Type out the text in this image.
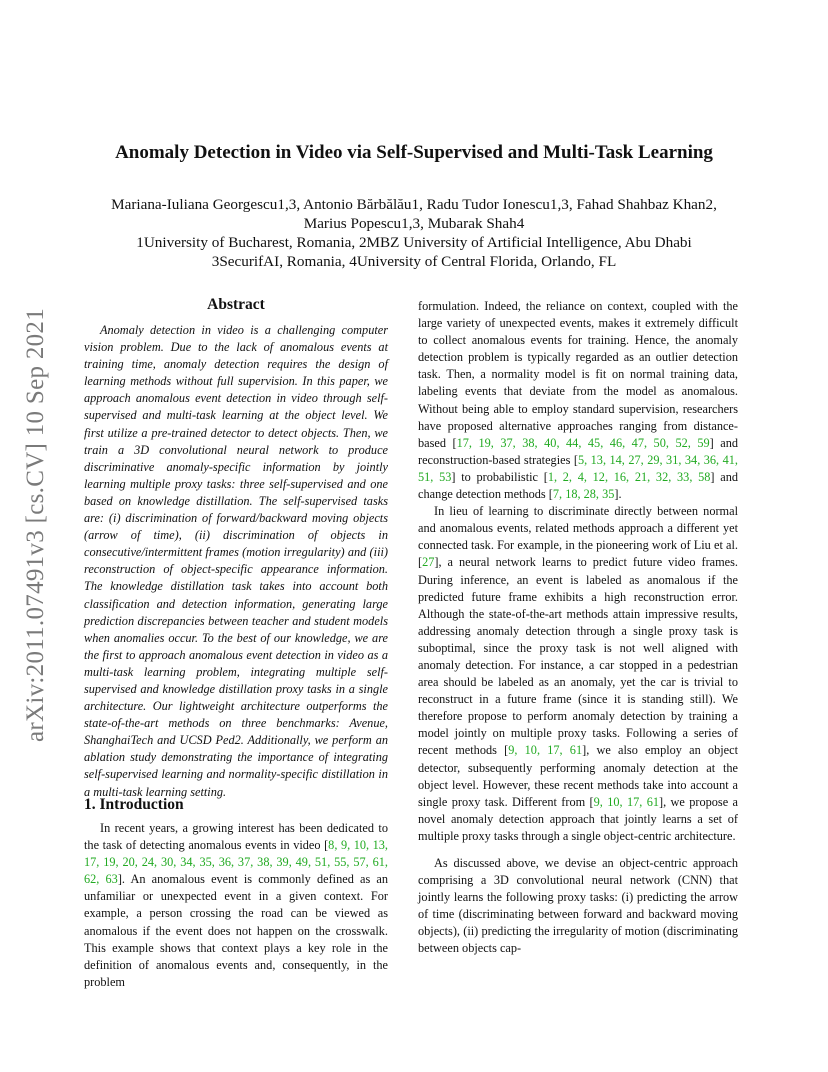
arXiv:2011.07491v3 [cs.CV] 10 Sep 2021
Anomaly Detection in Video via Self-Supervised and Multi-Task Learning
Mariana-Iuliana Georgescu1,3, Antonio Bărbălău1, Radu Tudor Ionescu1,3, Fahad Shahbaz Khan2,
Marius Popescu1,3, Mubarak Shah4
1University of Bucharest, Romania, 2MBZ University of Artificial Intelligence, Abu Dhabi
3SecurifAI, Romania, 4University of Central Florida, Orlando, FL
Abstract

Anomaly detection in video is a challenging computer vision problem. Due to the lack of anomalous events at training time, anomaly detection requires the design of learning methods without full supervision. In this paper, we approach anomalous event detection in video through self-supervised and multi-task learning at the object level. We first utilize a pre-trained detector to detect objects. Then, we train a 3D convolutional neural network to produce discriminative anomaly-specific information by jointly learning multiple proxy tasks: three self-supervised and one based on knowledge distillation. The self-supervised tasks are: (i) discrimination of forward/backward moving objects (arrow of time), (ii) discrimination of objects in consecutive/intermittent frames (motion irregularity) and (iii) reconstruction of object-specific appearance information. The knowledge distillation task takes into account both classification and detection information, generating large prediction discrepancies between teacher and student models when anomalies occur. To the best of our knowledge, we are the first to approach anomalous event detection in video as a multi-task learning problem, integrating multiple self-supervised and knowledge distillation proxy tasks in a single architecture. Our lightweight architecture outperforms the state-of-the-art methods on three benchmarks: Avenue, ShanghaiTech and UCSD Ped2. Additionally, we perform an ablation study demonstrating the importance of integrating self-supervised learning and normality-specific distillation in a multi-task learning setting.

1. Introduction

In recent years, a growing interest has been dedicated to the task of detecting anomalous events in video [8, 9, 10, 13, 17, 19, 20, 24, 30, 34, 35, 36, 37, 38, 39, 49, 51, 55, 57, 61, 62, 63]. An anomalous event is commonly defined as an unfamiliar or unexpected event in a given context. For example, a person crossing the road can be viewed as anomalous if the event does not happen on the crosswalk. This example shows that context plays a key role in the definition of anomalous events and, consequently, in the problem

formulation. Indeed, the reliance on context, coupled with the large variety of unexpected events, makes it extremely difficult to collect anomalous events for training. Hence, the anomaly detection problem is typically regarded as an outlier detection task. Then, a normality model is fit on normal training data, labeling events that deviate from the model as anomalous. Without being able to employ standard supervision, researchers have proposed alternative approaches ranging from distance-based [17, 19, 37, 38, 40, 44, 45, 46, 47, 50, 52, 59] and reconstruction-based strategies [5, 13, 14, 27, 29, 31, 34, 36, 41, 51, 53] to probabilistic [1, 2, 4, 12, 16, 21, 32, 33, 58] and change detection methods [7, 18, 28, 35].

In lieu of learning to discriminate directly between normal and anomalous events, related methods approach a different yet connected task. For example, in the pioneering work of Liu et al. [27], a neural network learns to predict future video frames. During inference, an event is labeled as anomalous if the predicted future frame exhibits a high reconstruction error. Although the state-of-the-art methods attain impressive results, addressing anomaly detection through a single proxy task is suboptimal, since the proxy task is not well aligned with anomaly detection. For instance, a car stopped in a pedestrian area should be labeled as an anomaly, yet the car is trivial to reconstruct in a future frame (since it is standing still). We therefore propose to perform anomaly detection by training a model jointly on multiple proxy tasks. Following a series of recent methods [9, 10, 17, 61], we also employ an object detector, subsequently performing anomaly detection at the object level. However, these recent methods take into account a single proxy task. Different from [9, 10, 17, 61], we propose a novel anomaly detection approach that jointly learns a set of multiple proxy tasks through a single object-centric architecture.

As discussed above, we devise an object-centric approach comprising a 3D convolutional neural network (CNN) that jointly learns the following proxy tasks: (i) predicting the arrow of time (discriminating between forward and backward moving objects), (ii) predicting the irregularity of motion (discriminating between objects cap-
